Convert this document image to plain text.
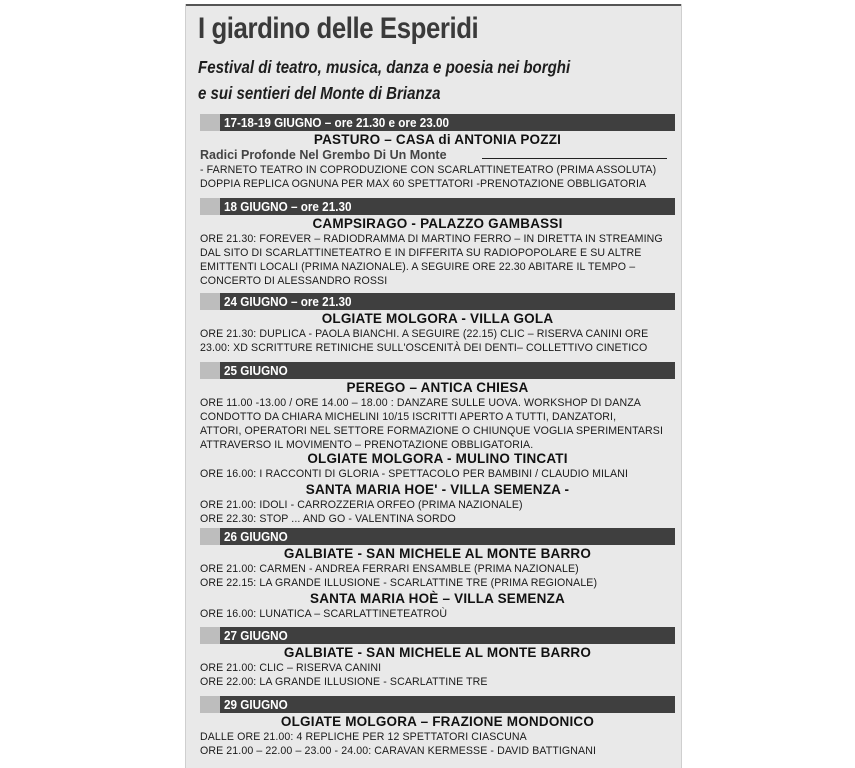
I giardino delle Esperidi

Festival di teatro, musica, danza e poesia nei borghi

e sui sentieri del Monte di Brianza

17-18-19 GIUGNO – ore 21.30 e ore 23.00
PASTURO – CASA di ANTONIA POZZI

Radici Profonde Nel Grembo Di Un Monte

- FARNETO TEATRO IN COPRODUZIONE CON SCARLATTINETEATRO (PRIMA ASSOLUTA)

DOPPIA REPLICA OGNUNA PER MAX 60 SPETTATORI -PRENOTAZIONE OBBLIGATORIA

18 GIUGNO – ore 21.30
CAMPSIRAGO - PALAZZO GAMBASSI

ORE 21.30: FOREVER – RADIODRAMMA DI MARTINO FERRO – IN DIRETTA IN STREAMING

DAL SITO DI SCARLATTINETEATRO E IN DIFFERITA SU RADIOPOPOLARE E SU ALTRE

EMITTENTI LOCALI (PRIMA NAZIONALE). A SEGUIRE ORE 22.30 ABITARE IL TEMPO –

CONCERTO DI ALESSANDRO ROSSI

24 GIUGNO – ore 21.30
OLGIATE MOLGORA - VILLA GOLA

ORE 21.30: DUPLICA - PAOLA BIANCHI. A SEGUIRE (22.15) CLIC – RISERVA CANINI ORE

23.00: XD SCRITTURE RETINICHE SULL'OSCENITÀ DEI DENTI– COLLETTIVO CINETICO

25 GIUGNO
PEREGO – ANTICA CHIESA

ORE 11.00 -13.00 / ORE 14.00 – 18.00 : DANZARE SULLE UOVA. WORKSHOP DI DANZA

CONDOTTO DA CHIARA MICHELINI 10/15 ISCRITTI APERTO A TUTTI, DANZATORI,

ATTORI, OPERATORI NEL SETTORE FORMAZIONE O CHIUNQUE VOGLIA SPERIMENTARSI

ATTRAVERSO IL MOVIMENTO – PRENOTAZIONE OBBLIGATORIA.

OLGIATE MOLGORA - MULINO TINCATI

ORE 16.00: I RACCONTI DI GLORIA - SPETTACOLO PER BAMBINI / CLAUDIO MILANI

SANTA MARIA HOE' - VILLA SEMENZA -

ORE 21.00: IDOLI - CARROZZERIA ORFEO (PRIMA NAZIONALE)

ORE 22.30: STOP ... AND GO - VALENTINA SORDO

26 GIUGNO
GALBIATE - SAN MICHELE AL MONTE BARRO

ORE 21.00: CARMEN - ANDREA FERRARI ENSAMBLE (PRIMA NAZIONALE)

ORE 22.15: LA GRANDE ILLUSIONE - SCARLATTINE TRE (PRIMA REGIONALE)

SANTA MARIA HOÈ – VILLA SEMENZA

ORE 16.00: LUNATICA – SCARLATTINETEATROÙ

27 GIUGNO
GALBIATE - SAN MICHELE AL MONTE BARRO

ORE 21.00: CLIC – RISERVA CANINI

ORE 22.00: LA GRANDE ILLUSIONE - SCARLATTINE TRE

29 GIUGNO
OLGIATE MOLGORA – FRAZIONE MONDONICO

DALLE ORE 21.00: 4 REPLICHE PER 12 SPETTATORI CIASCUNA

ORE 21.00 – 22.00 – 23.00 - 24.00: CARAVAN KERMESSE - DAVID BATTIGNANI
